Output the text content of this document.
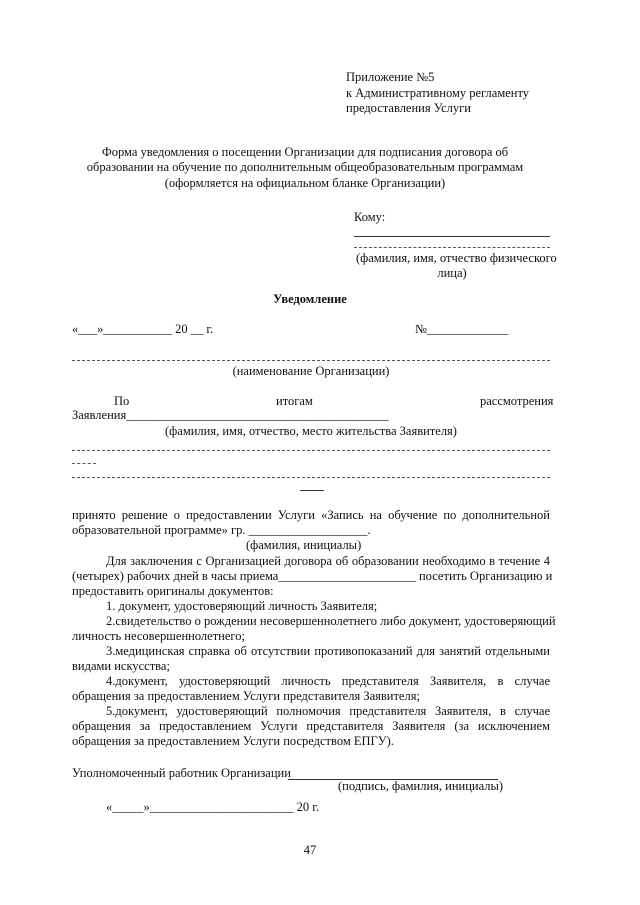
Приложение №5
к Административному регламенту
предоставления Услуги
Форма уведомления о посещении Организации для подписания договора об
образовании на обучение по дополнительным общеобразовательным программам
(оформляется на официальном бланке Организации)
Кому:
(фамилия, имя, отчество физического
лица)
Уведомление
«___»___________ 20 __ г.	№_____________
(наименование Организации)
По	итогам	рассмотрения
Заявления__________________________________________
(фамилия, имя, отчество, место жительства Заявителя)
принято решение о предоставлении Услуги «Запись на обучение по дополнительной
образовательной программе» гр. ___________________.
(фамилия, инициалы)
Для заключения с Организацией договора об образовании необходимо в течение 4
(четырех) рабочих дней в часы приема______________________ посетить Организацию и
предоставить оригиналы документов:
1. документ, удостоверяющий личность Заявителя;
2.свидетельство о рождении несовершеннолетнего либо документ, удостоверяющий
личность несовершеннолетнего;
3.медицинская справка об отсутствии противопоказаний для занятий отдельными
видами искусства;
4.документ, удостоверяющий личность представителя Заявителя, в случае
обращения за предоставлением Услуги представителя Заявителя;
5.документ, удостоверяющий полномочия представителя Заявителя, в случае
обращения за предоставлением Услуги представителя Заявителя (за исключением
обращения за предоставлением Услуги посредством ЕПГУ).
Уполномоченный работник Организации
(подпись, фамилия, инициалы)
«_____»_______________________ 20 г.
47
